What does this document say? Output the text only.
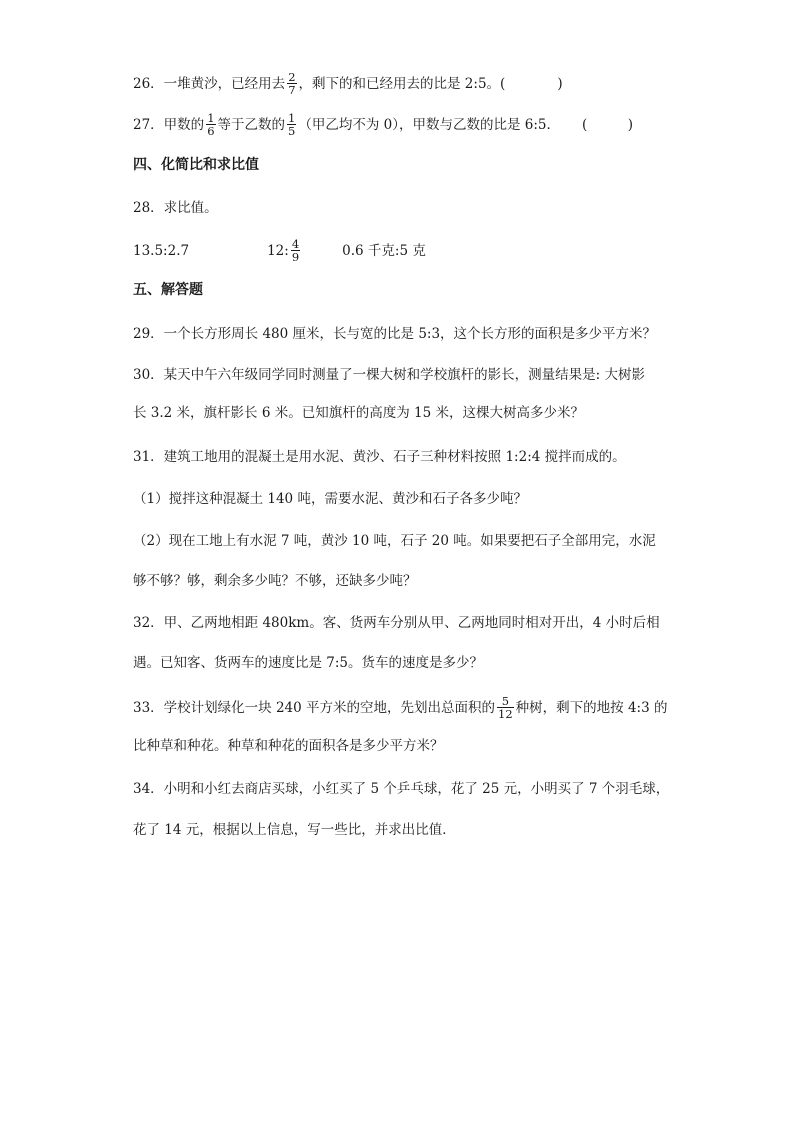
26．一堆黄沙，已经用去 $\frac{2}{7}$ ，剩下的和已经用去的比是 2:5。(	)
27．甲数的 $\frac{1}{6}$ 等于乙数的 $\frac{1}{5}$ （甲乙均不为 0），甲数与乙数的比是 6:5． (　　　)
四、化简比和求比值
28．求比值。
13.5:2.7	12: $\frac{4}{9}$	0.6 千克:5 克
五、解答题
29．一个长方形周长 480 厘米，长与宽的比是 5:3，这个长方形的面积是多少平方米？
30．某天中午六年级同学同时测量了一棵大树和学校旗杆的影长，测量结果是: 大树影
长 3.2 米，旗杆影长 6 米。已知旗杆的高度为 15 米，这棵大树高多少米？
31．建筑工地用的混凝土是用水泥、黄沙、石子三种材料按照 1:2:4 搅拌而成的。
（1）搅拌这种混凝土 140 吨，需要水泥、黄沙和石子各多少吨？
（2）现在工地上有水泥 7 吨，黄沙 10 吨，石子 20 吨。如果要把石子全部用完，水泥
够不够？够，剩余多少吨？不够，还缺多少吨？
32．甲、乙两地相距 480km。客、货两车分别从甲、乙两地同时相对开出，4 小时后相
遇。已知客、货两车的速度比是 7:5。货车的速度是多少？
33．学校计划绿化一块 240 平方米的空地，先划出总面积的 $\frac{5}{12}$ 种树，剩下的地按 4:3 的
比种草和种花。种草和种花的面积各是多少平方米？
34．小明和小红去商店买球，小红买了 5 个乒乓球，花了 25 元，小明买了 7 个羽毛球，
花了 14 元，根据以上信息，写一些比，并求出比值．
